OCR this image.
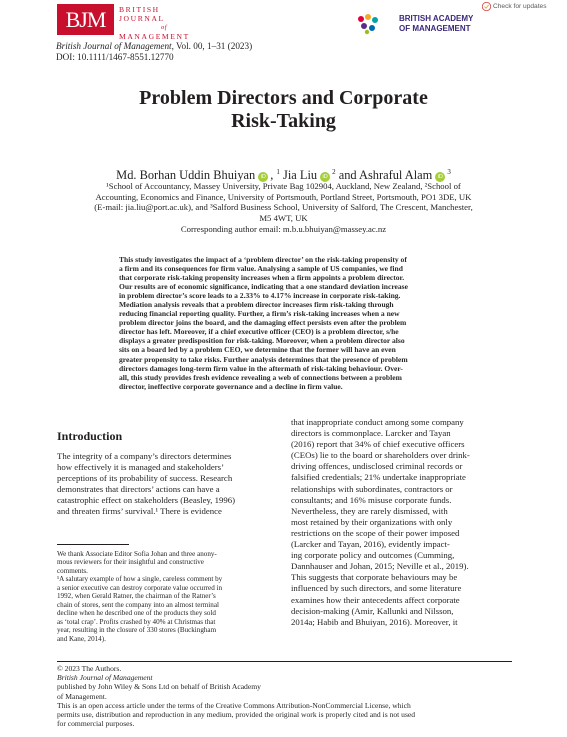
BJM	BRITISH
JOURNAL
of
MANAGEMENT
BRITISH ACADEMY
OF MANAGEMENT
Check for updates
British Journal of Management, Vol. 00, 1–31 (2023)
DOI: 10.1111/1467-8551.12770
Problem Directors and Corporate
Risk-Taking
Md. Borhan Uddin Bhuiyan iD , $^1$ Jia Liu $iD^2$ and Ashraful Alam $iD^3$
¹School of Accountancy, Massey University, Private Bag 102904, Auckland, New Zealand, ²School of
Accounting, Economics and Finance, University of Portsmouth, Portland Street, Portsmouth, PO1 3DE, UK
(E-mail: jia.liu@port.ac.uk), and ³Salford Business School, University of Salford, The Crescent, Manchester,
M5 4WT, UK
Corresponding author email: m.b.u.bhuiyan@massey.ac.nz
This study investigates the impact of a ‘problem director’ on the risk-taking propensity of
a firm and its consequences for firm value. Analysing a sample of US companies, we find
that corporate risk-taking propensity increases when a firm appoints a problem director.
Our results are of economic significance, indicating that a one standard deviation increase
in problem director’s score leads to a 2.33% to 4.17% increase in corporate risk-taking.
Mediation analysis reveals that a problem director increases firm risk-taking through
reducing financial reporting quality. Further, a firm’s risk-taking increases when a new
problem director joins the board, and the damaging effect persists even after the problem
director has left. Moreover, if a chief executive officer (CEO) is a problem director, s/he
displays a greater predisposition for risk-taking. Moreover, when a problem director also
sits on a board led by a problem CEO, we determine that the former will have an even
greater propensity to take risks. Further analysis determines that the presence of problem
directors damages long-term firm value in the aftermath of risk-taking behaviour. Over-
all, this study provides fresh evidence revealing a web of connections between a problem
director, ineffective corporate governance and a decline in firm value.
Introduction
The integrity of a company’s directors determines
how effectively it is managed and stakeholders’
perceptions of its probability of success. Research
demonstrates that directors’ actions can have a
catastrophic effect on stakeholders (Beasley, 1996)
and threaten firms’ survival.¹ There is evidence
that inappropriate conduct among some company
directors is commonplace. Larcker and Tayan
(2016) report that 34% of chief executive officers
(CEOs) lie to the board or shareholders over drink-
driving offences, undisclosed criminal records or
falsified credentials; 21% undertake inappropriate
relationships with subordinates, contractors or
consultants; and 16% misuse corporate funds.
Nevertheless, they are rarely dismissed, with
most retained by their organizations with only
restrictions on the scope of their power imposed
(Larcker and Tayan, 2016), evidently impact-
ing corporate policy and outcomes (Cumming,
Dannhauser and Johan, 2015; Neville et al., 2019).
This suggests that corporate behaviours may be
influenced by such directors, and some literature
examines how their antecedents affect corporate
decision-making (Amir, Kallunki and Nilsson,
2014a; Habib and Bhuiyan, 2016). Moreover, it
We thank Associate Editor Sofia Johan and three anony-
mous reviewers for their insightful and constructive
comments.
¹A salutary example of how a single, careless comment by
a senior executive can destroy corporate value occurred in
1992, when Gerald Ratner, the chairman of the Ratner’s
chain of stores, sent the company into an almost terminal
decline when he described one of the products they sold
as ‘total crap’. Profits crashed by 40% at Christmas that
year, resulting in the closure of 330 stores (Buckingham
and Kane, 2014).
© 2023 The Authors.
British Journal of Management
published by John Wiley & Sons Ltd on behalf of British Academy
of Management.
This is an open access article under the terms of the Creative Commons Attribution-NonCommercial License, which
permits use, distribution and reproduction in any medium, provided the original work is properly cited and is not used
for commercial purposes.
